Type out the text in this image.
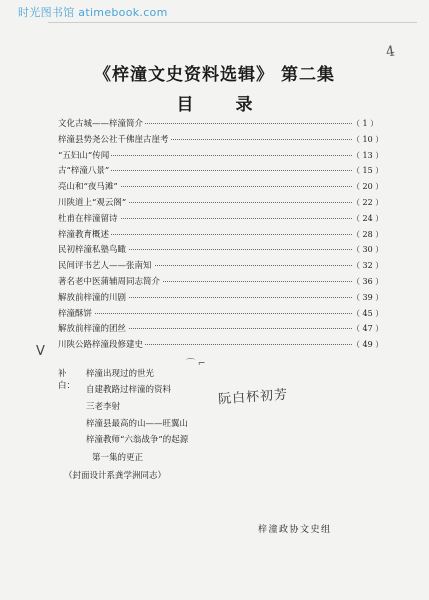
时光图书馆 atimebook.com
4
《梓潼文史资料选辑》 第二集
目 录
文化古城——梓潼简介	（ 1 ）
梓潼县势尧公社千佛崖古崖考	（ 10 ）
“五妇山”传闻	（ 13 ）
古“梓潼八景”	（ 15 ）
亮山和“夜马滩”	（ 20 ）
川陕道上“观云阁”	（ 22 ）
杜甫在梓潼留诗	（ 24 ）
梓潼教育概述	（ 28 ）
民初梓潼私塾鸟瞰	（ 30 ）
民间评书艺人——张南知	（ 32 ）
著名老中医蒲辅周同志简介	（ 36 ）
解放前梓潼的川剧	（ 39 ）
梓潼酥饼	（ 45 ）
解放前梓潼的团丝	（ 47 ）
川陕公路梓潼段修建史	（ 49 ）
V
⌒ ⌐
补白：
梓潼出现过的世光
自建教路过梓潼的资料
三老李射
梓潼县最高的山——旺翼山
梓潼教师“六翁战争”的起源
第一集的更正
（封面设计系龚学洲同志）
阮白杯初芳
梓潼政协文史组
